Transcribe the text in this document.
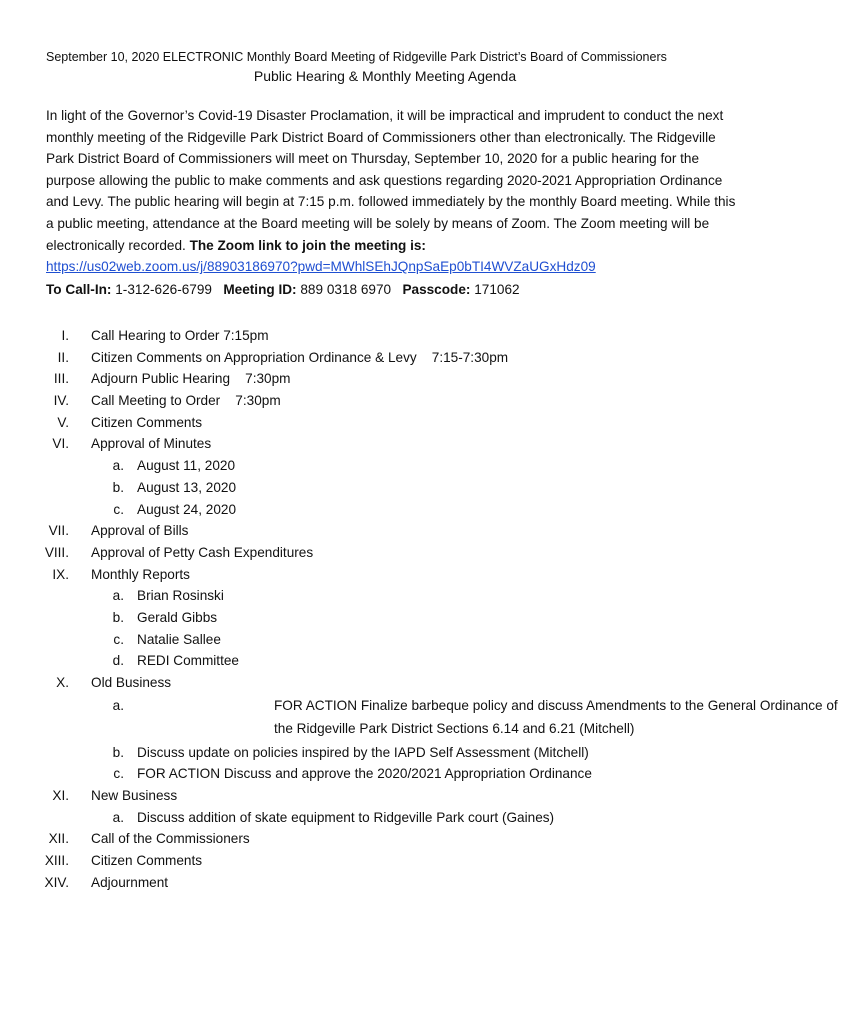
September 10, 2020 ELECTRONIC Monthly Board Meeting of Ridgeville Park District’s Board of Commissioners
Public Hearing & Monthly Meeting Agenda
In light of the Governor’s Covid-19 Disaster Proclamation, it will be impractical and imprudent to conduct the next monthly meeting of the Ridgeville Park District Board of Commissioners other than electronically. The Ridgeville Park District Board of Commissioners will meet on Thursday, September 10, 2020 for a public hearing for the purpose allowing the public to make comments and ask questions regarding 2020-2021 Appropriation Ordinance and Levy. The public hearing will begin at 7:15 p.m. followed immediately by the monthly Board meeting. While this a public meeting, attendance at the Board meeting will be solely by means of Zoom. The Zoom meeting will be electronically recorded. The Zoom link to join the meeting is:
https://us02web.zoom.us/j/88903186970?pwd=MWhlSEhJQnpSaEp0bTI4WVZaUGxHdz09
To Call-In: 1-312-626-6799 Meeting ID: 889 0318 6970 Passcode: 171062
I. Call Hearing to Order 7:15pm
II. Citizen Comments on Appropriation Ordinance & Levy    7:15-7:30pm
III. Adjourn Public Hearing    7:30pm
IV. Call Meeting to Order    7:30pm
V. Citizen Comments
VI. Approval of Minutes
a. August 11, 2020
b. August 13, 2020
c. August 24, 2020
VII. Approval of Bills
VIII. Approval of Petty Cash Expenditures
IX. Monthly Reports
a. Brian Rosinski
b. Gerald Gibbs
c. Natalie Sallee
d. REDI Committee
X. Old Business
a.	FOR ACTION Finalize barbeque policy and discuss Amendments to the General Ordinance of the Ridgeville Park District Sections 6.14 and 6.21 (Mitchell)
b. Discuss update on policies inspired by the IAPD Self Assessment (Mitchell)
c. FOR ACTION Discuss and approve the 2020/2021 Appropriation Ordinance
XI. New Business
a. Discuss addition of skate equipment to Ridgeville Park court (Gaines)
XII. Call of the Commissioners
XIII. Citizen Comments
XIV. Adjournment
